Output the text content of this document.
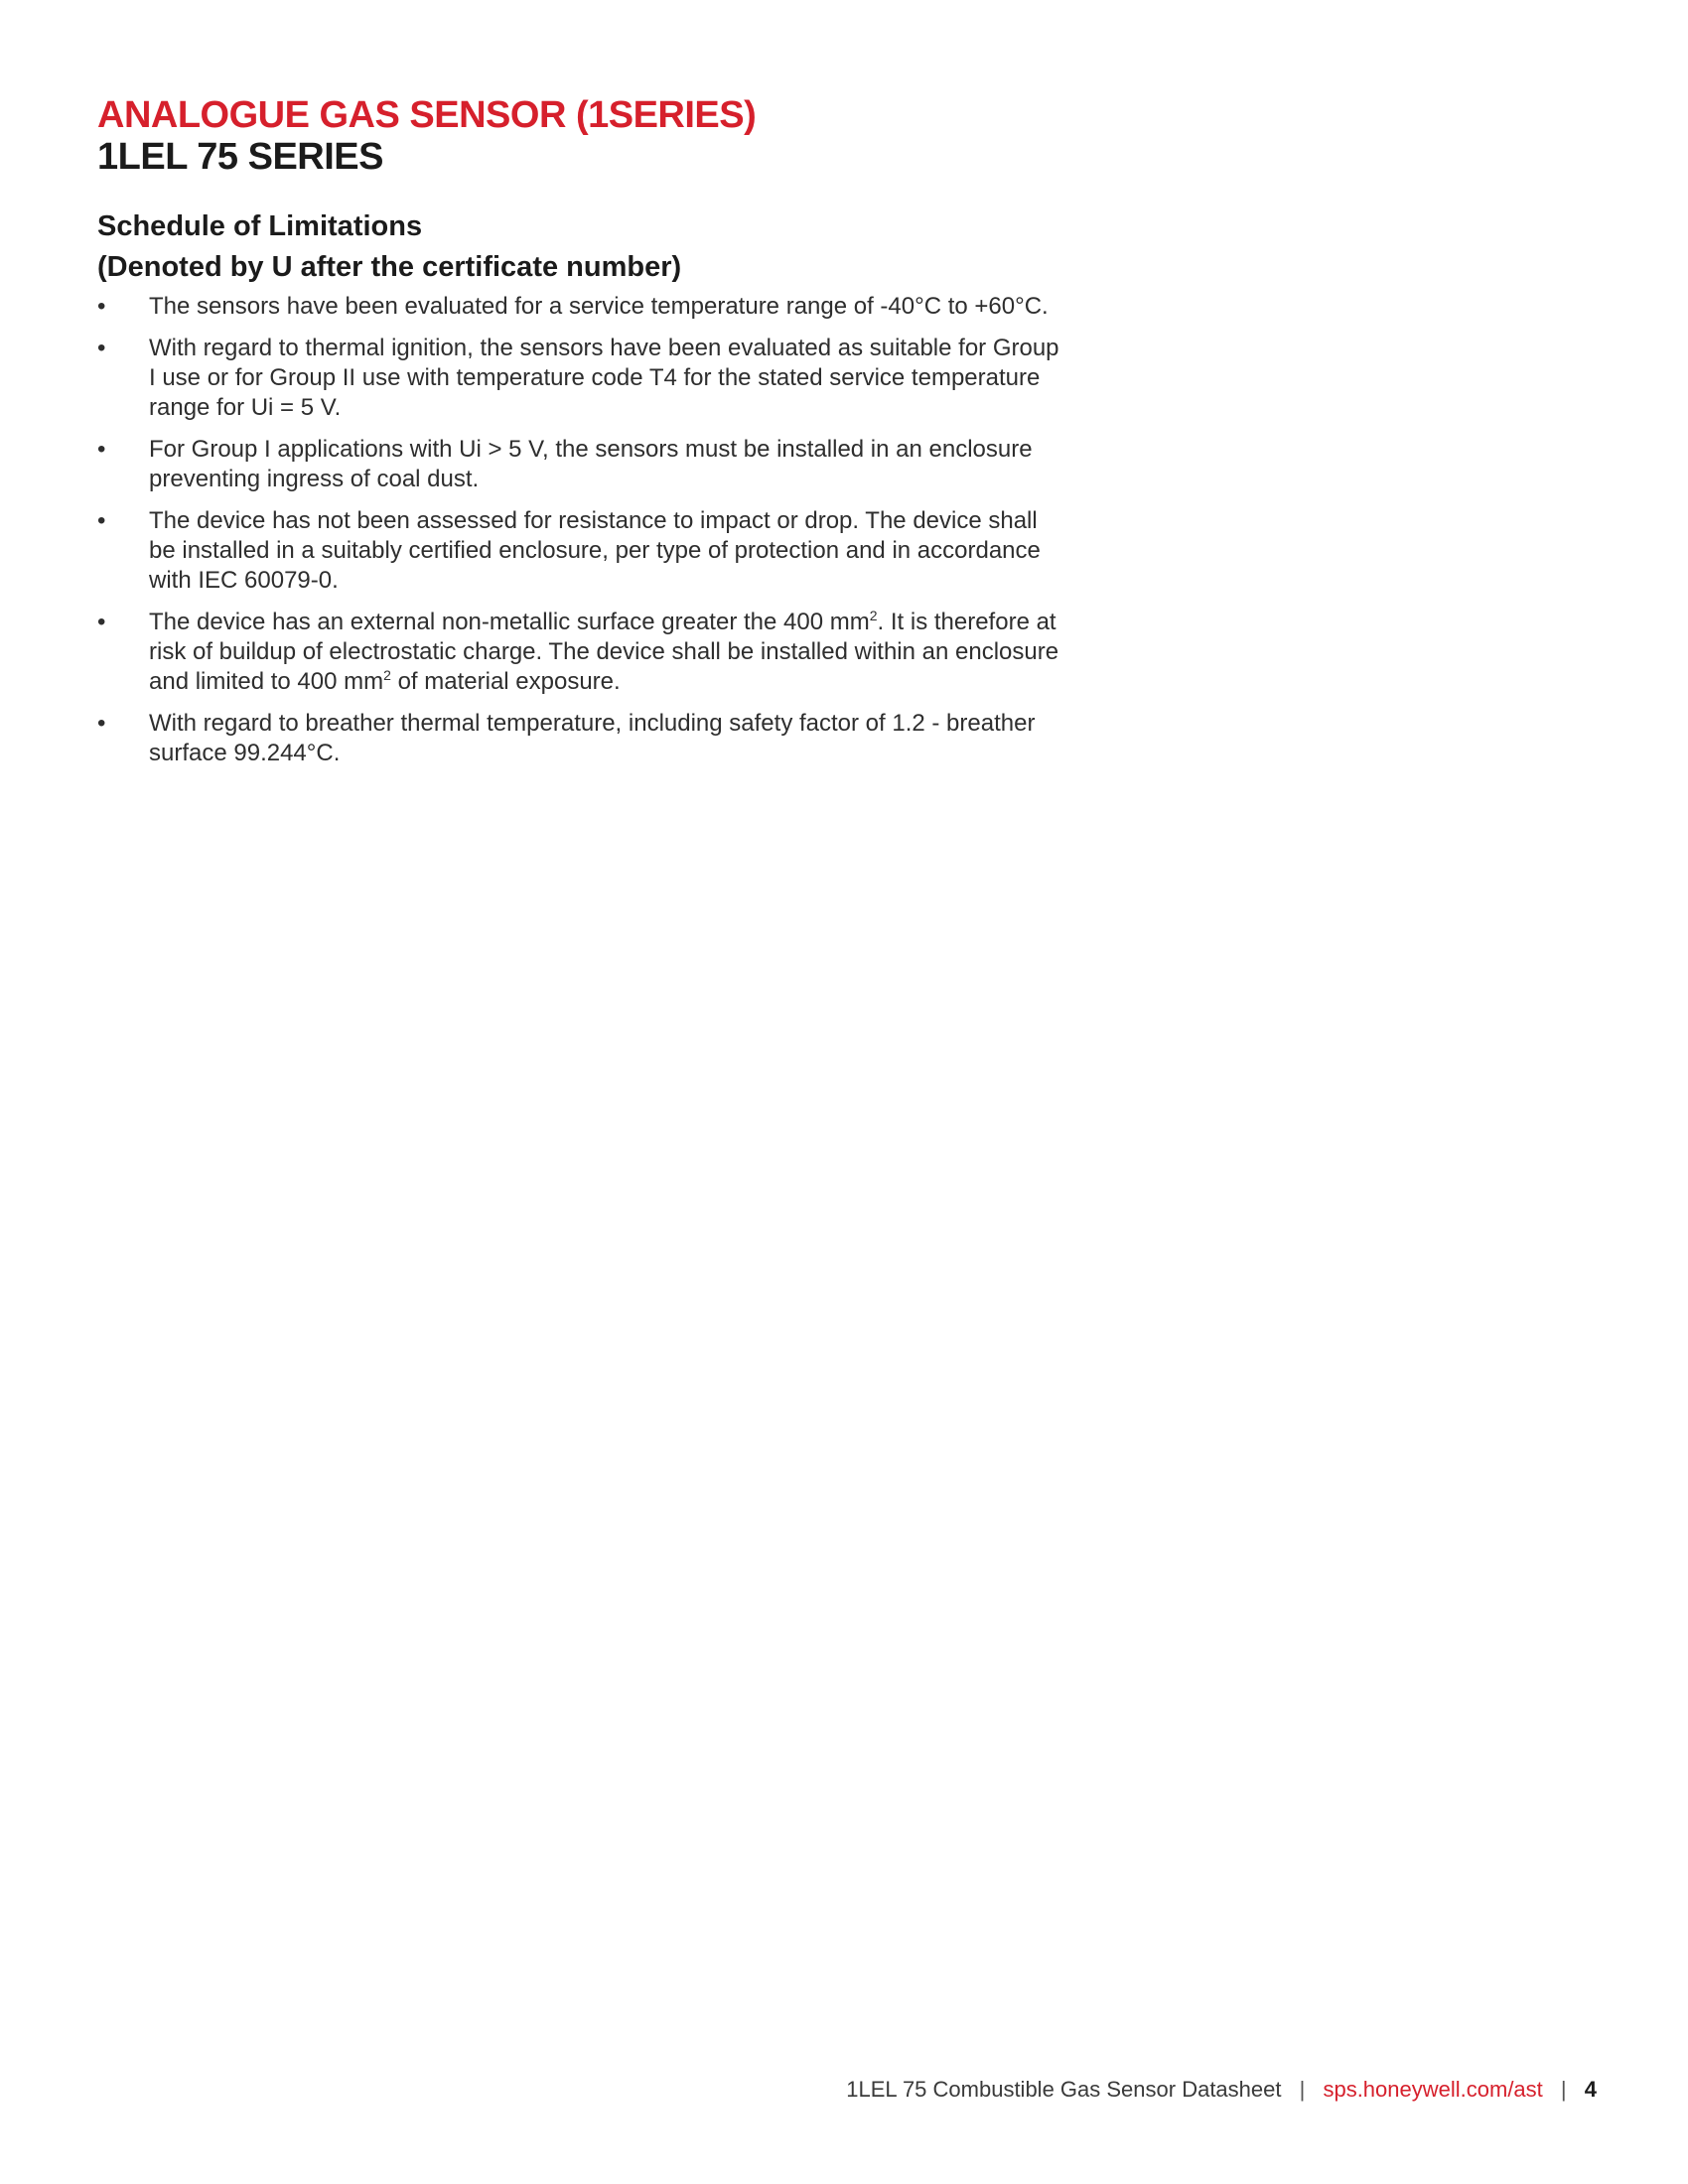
ANALOGUE GAS SENSOR (1SERIES)
1LEL 75 SERIES
Schedule of Limitations
(Denoted by U after the certificate number)
•	The sensors have been evaluated for a service temperature range of -40°C to +60°C.
•	With regard to thermal ignition, the sensors have been evaluated as suitable for Group I use or for Group II use with temperature code T4 for the stated service temperature range for Ui = 5 V.
•	For Group I applications with Ui > 5 V, the sensors must be installed in an enclosure preventing ingress of coal dust.
•	The device has not been assessed for resistance to impact or drop. The device shall be installed in a suitably certified enclosure, per type of protection and in accordance with IEC 60079-0.
•	The device has an external non-metallic surface greater the 400 $mm^2$. It is therefore at risk of buildup of electrostatic charge. The device shall be installed within an enclosure and limited to 400 $mm^2$ of material exposure.
•	With regard to breather thermal temperature, including safety factor of 1.2 - breather surface 99.244°C.
1LEL 75 Combustible Gas Sensor Datasheet | sps.honeywell.com/ast | 4
